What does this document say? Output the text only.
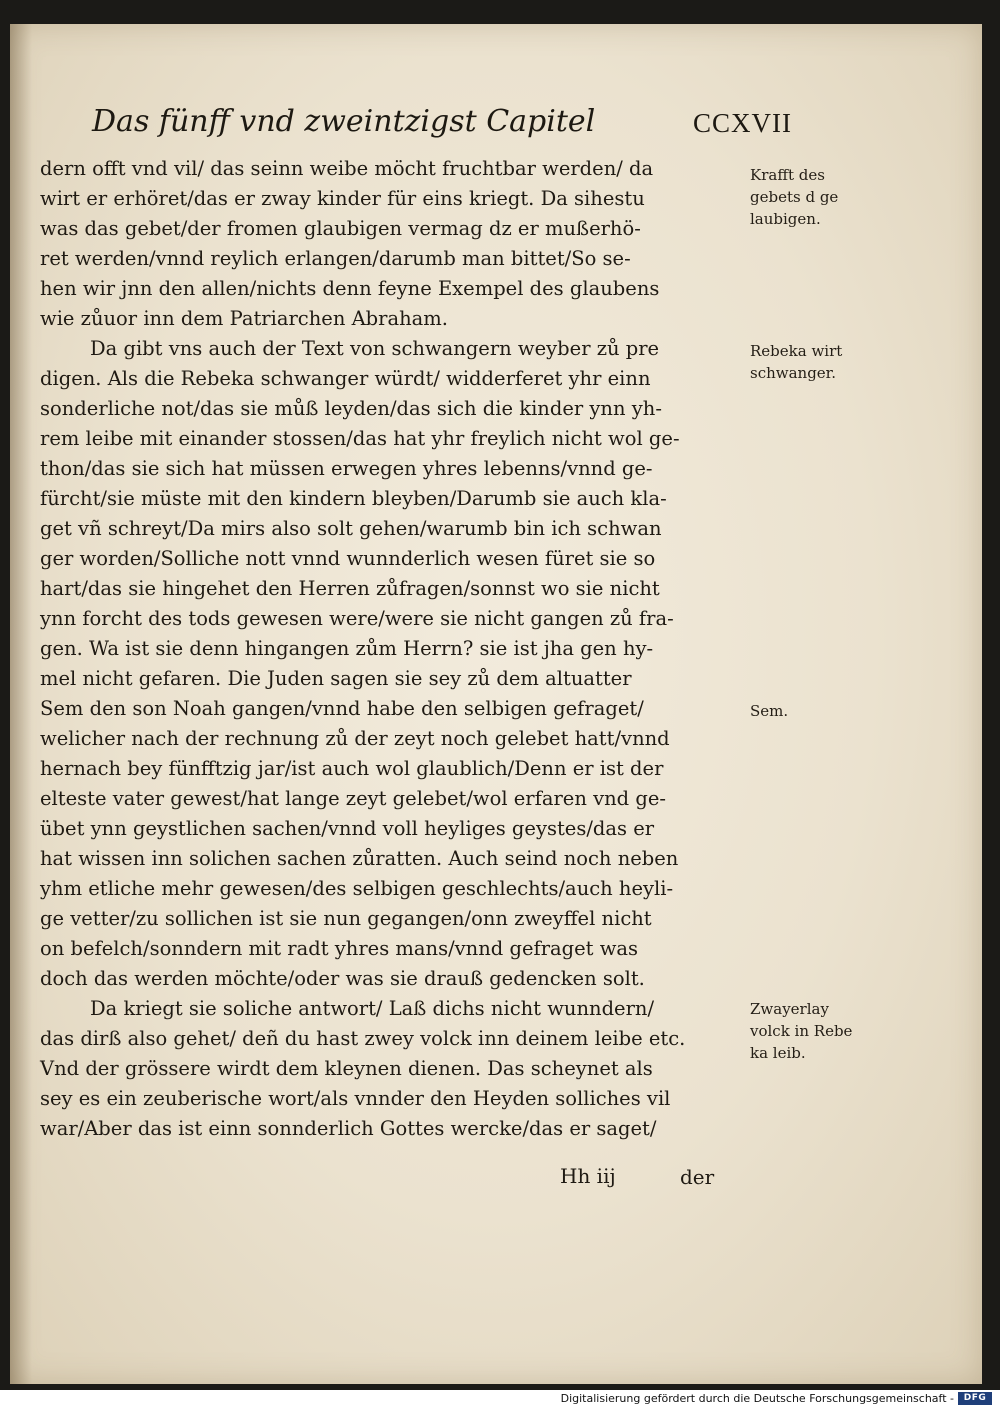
Das fünff vnd zweintzigst Capitel	CCXVII
dern offt vnd vil/ das seinn weibe möcht fruchtbar werden/ da
wirt er erhöret/das er zway kinder für eins kriegt. Da sihestu
was das gebet/der fromen glaubigen vermag dz er mußerhö-
ret werden/vnnd reylich erlangen/darumb man bittet/So se-
hen wir jnn den allen/nichts denn feyne Exempel des glaubens
wie zůuor inn dem Patriarchen Abraham.
Da gibt vns auch der Text von schwangern weyber zů pre
digen. Als die Rebeka schwanger würdt/ widderferet yhr einn
sonderliche not/das sie můß leyden/das sich die kinder ynn yh-
rem leibe mit einander stossen/das hat yhr freylich nicht wol ge-
thon/das sie sich hat müssen erwegen yhres lebenns/vnnd ge-
fürcht/sie müste mit den kindern bleyben/Darumb sie auch kla-
get vñ schreyt/Da mirs also solt gehen/warumb bin ich schwan
ger worden/Solliche nott vnnd wunnderlich wesen füret sie so
hart/das sie hingehet den Herren zůfragen/sonnst wo sie nicht
ynn forcht des tods gewesen were/were sie nicht gangen zů fra-
gen. Wa ist sie denn hingangen zům Herrn? sie ist jha gen hy-
mel nicht gefaren. Die Juden sagen sie sey zů dem altuatter
Sem den son Noah gangen/vnnd habe den selbigen gefraget/
welicher nach der rechnung zů der zeyt noch gelebet hatt/vnnd
hernach bey fünfftzig jar/ist auch wol glaublich/Denn er ist der
elteste vater gewest/hat lange zeyt gelebet/wol erfaren vnd ge-
übet ynn geystlichen sachen/vnnd voll heyliges geystes/das er
hat wissen inn solichen sachen zůratten. Auch seind noch neben
yhm etliche mehr gewesen/des selbigen geschlechts/auch heyli-
ge vetter/zu sollichen ist sie nun gegangen/onn zweyffel nicht
on befelch/sonndern mit radt yhres mans/vnnd gefraget was
doch das werden möchte/oder was sie drauß gedencken solt.
Da kriegt sie soliche antwort/ Laß dichs nicht wunndern/
das dirß also gehet/ deñ du hast zwey volck inn deinem leibe etc.
Vnd der grössere wirdt dem kleynen dienen. Das scheynet als
sey es ein zeuberische wort/als vnnder den Heyden solliches vil
war/Aber das ist einn sonnderlich Gottes wercke/das er saget/
Krafft des
gebets d ge
laubigen.
Rebeka wirt
schwanger.
Sem.
Zwayerlay
volck in Rebe
ka leib.
Hh iij	der
Digitalisierung gefördert durch die Deutsche Forschungsgemeinschaft -	DFG
